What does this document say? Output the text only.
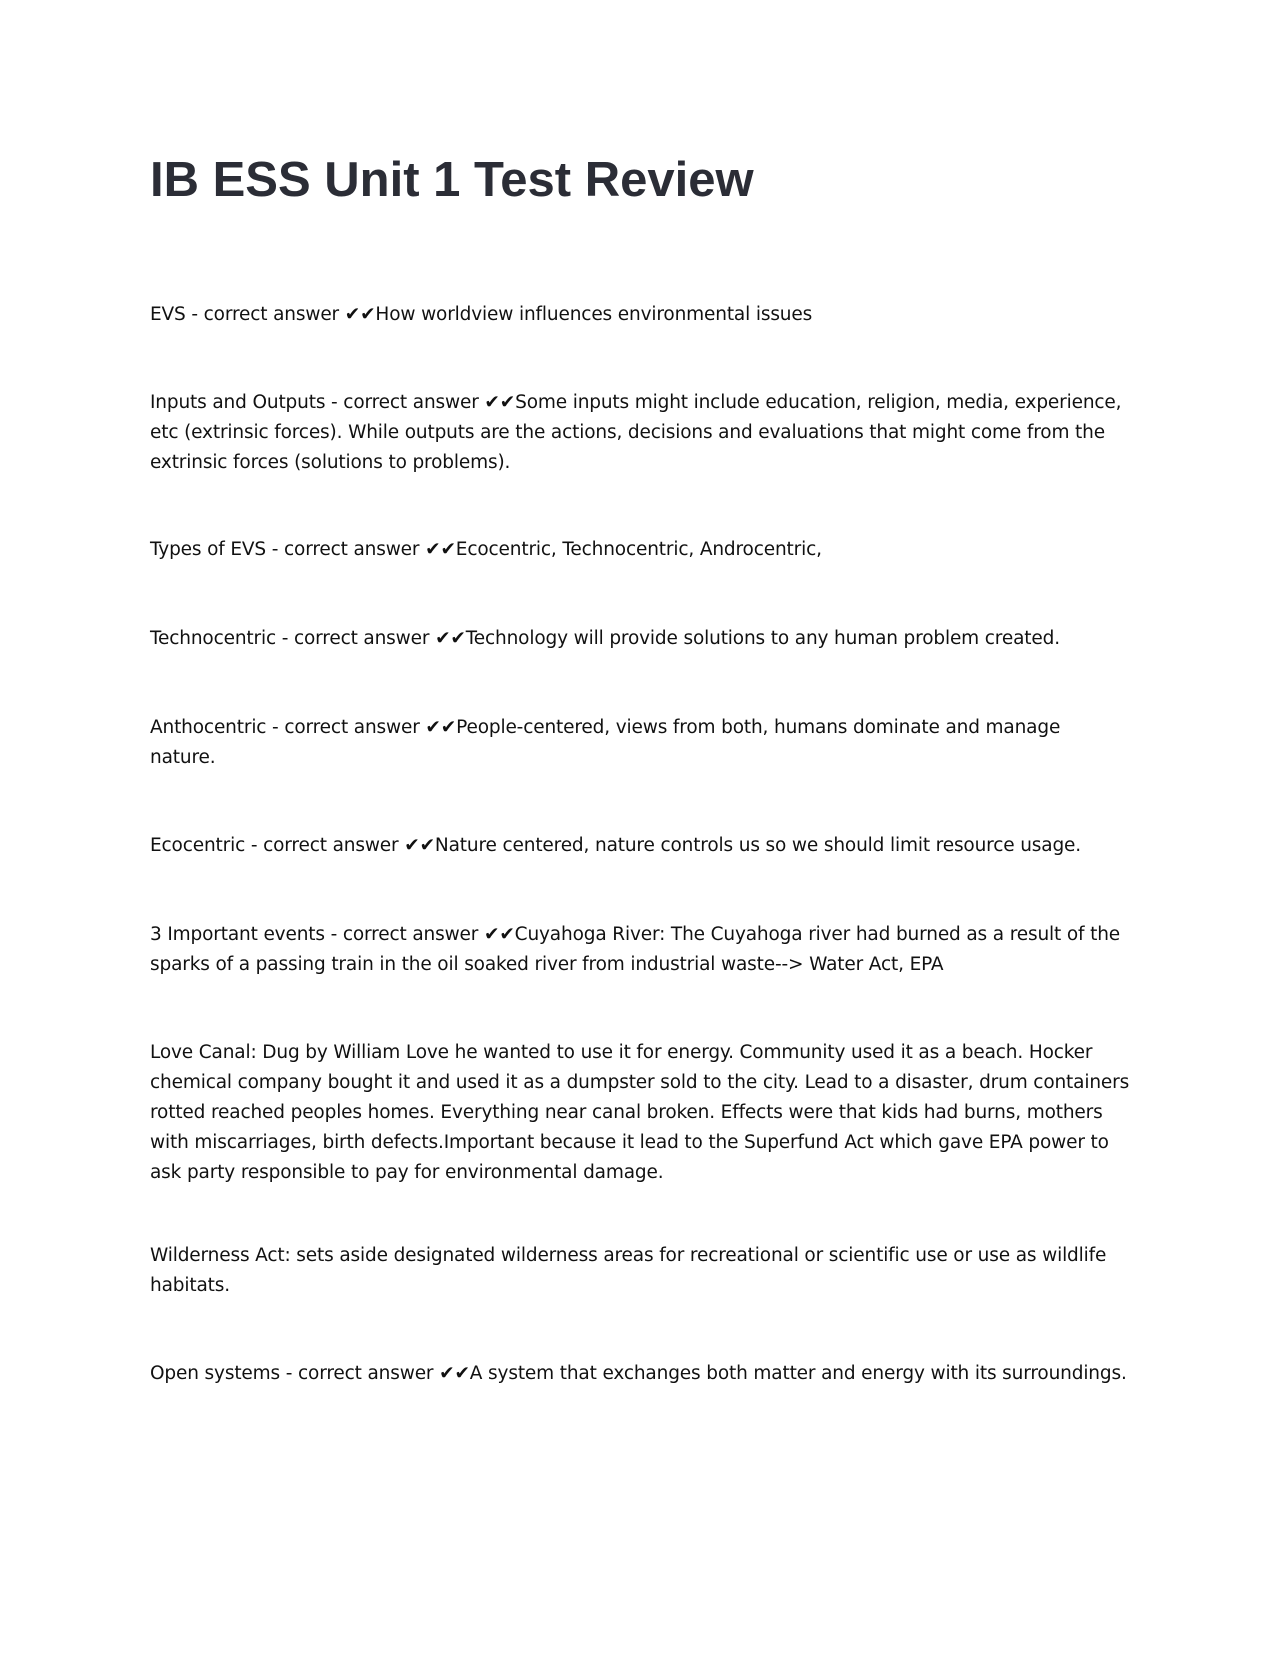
IB ESS Unit 1 Test Review

EVS - correct answer ✔✔How worldview influences environmental issues

Inputs and Outputs - correct answer ✔✔Some inputs might include education, religion, media, experience, etc (extrinsic forces). While outputs are the actions, decisions and evaluations that might come from the extrinsic forces (solutions to problems).

Types of EVS - correct answer ✔✔Ecocentric, Technocentric, Androcentric,

Technocentric - correct answer ✔✔Technology will provide solutions to any human problem created.

Anthocentric - correct answer ✔✔People-centered, views from both, humans dominate and manage nature.

Ecocentric - correct answer ✔✔Nature centered, nature controls us so we should limit resource usage.

3 Important events - correct answer ✔✔Cuyahoga River: The Cuyahoga river had burned as a result of the sparks of a passing train in the oil soaked river from industrial waste--> Water Act, EPA

Love Canal: Dug by William Love he wanted to use it for energy. Community used it as a beach. Hocker chemical company bought it and used it as a dumpster sold to the city. Lead to a disaster, drum containers rotted reached peoples homes. Everything near canal broken. Effects were that kids had burns, mothers with miscarriages, birth defects.Important because it lead to the Superfund Act which gave EPA power to ask party responsible to pay for environmental damage.

Wilderness Act: sets aside designated wilderness areas for recreational or scientific use or use as wildlife habitats.

Open systems - correct answer ✔✔A system that exchanges both matter and energy with its surroundings.
